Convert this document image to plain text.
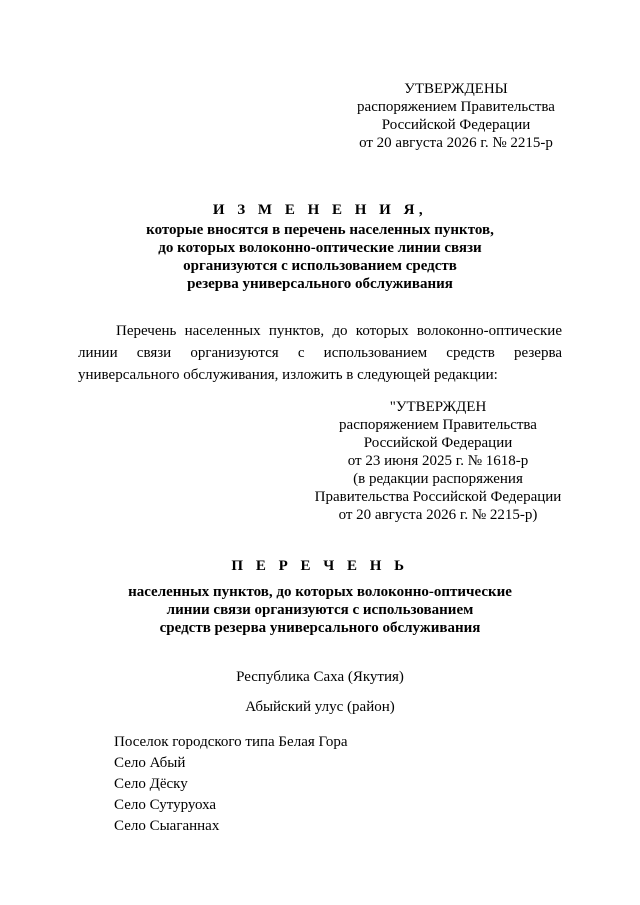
УТВЕРЖДЕНЫ
распоряжением Правительства
Российской Федерации
от 20 августа 2026 г. № 2215-р
И З М Е Н Е Н И Я,
которые вносятся в перечень населенных пунктов,
до которых волоконно-оптические линии связи
организуются с использованием средств
резерва универсального обслуживания
Перечень населенных пунктов, до которых волоконно-оптические
линии связи организуются с использованием средств резерва
универсального обслуживания, изложить в следующей редакции:
"УТВЕРЖДЕН
распоряжением Правительства
Российской Федерации
от 23 июня 2025 г. № 1618-р
(в редакции распоряжения
Правительства Российской Федерации
от 20 августа 2026 г. № 2215-р)
П Е Р Е Ч Е Н Ь
населенных пунктов, до которых волоконно-оптические
линии связи организуются с использованием
средств резерва универсального обслуживания
Республика Саха (Якутия)
Абыйский улус (район)
Поселок городского типа Белая Гора
Село Абый
Село Дёску
Село Сутуруоха
Село Сыаганнах
